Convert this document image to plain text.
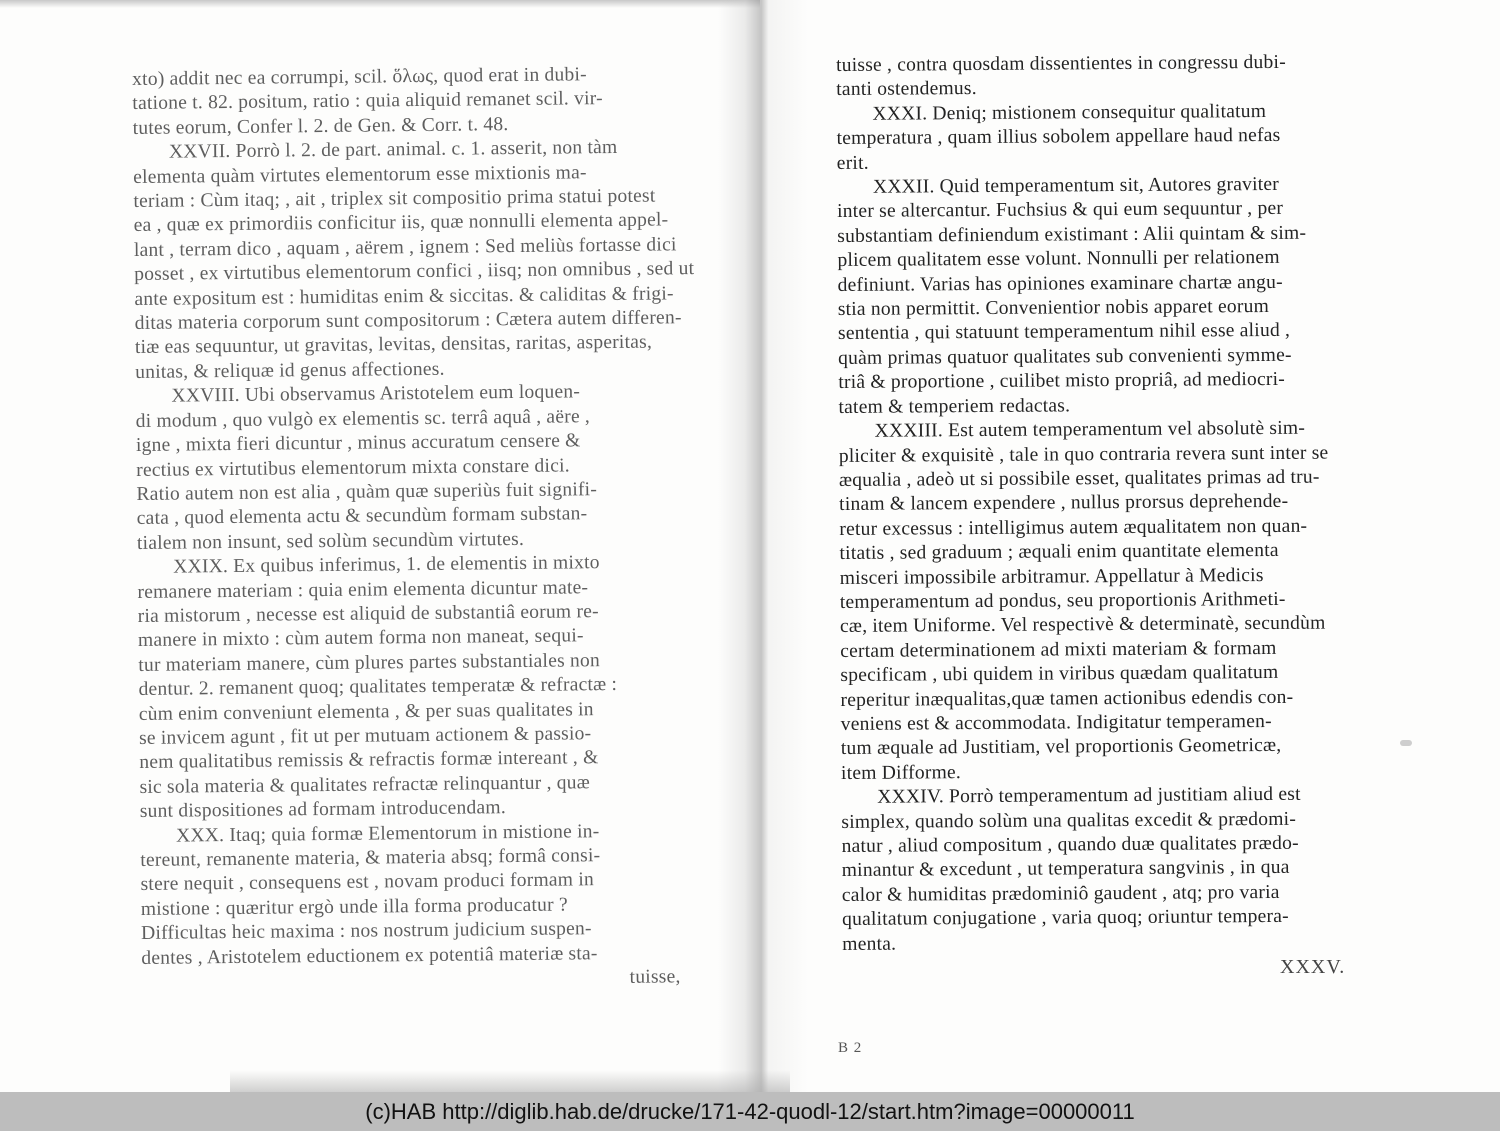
xto) addit nec ea corrumpi, scil. ὅλως, quod erat in dubi-
tatione t. 82. positum, ratio : quia aliquid remanet scil. vir-
tutes eorum, Confer l. 2. de Gen. & Corr. t. 48.
XXVII. Porrò l. 2. de part. animal. c. 1. asserit, non tàm
elementa quàm virtutes elementorum esse mixtionis ma-
teriam : Cùm itaq; , ait , triplex sit compositio prima statui potest
ea , quæ ex primordiis conficitur iis, quæ nonnulli elementa appel-
lant , terram dico , aquam , aërem , ignem : Sed meliùs fortasse dici
posset , ex virtutibus elementorum confici , iisq; non omnibus , sed ut
ante expositum est : humiditas enim & siccitas. & caliditas & frigi-
ditas materia corporum sunt compositorum : Cætera autem differen-
tiæ eas sequuntur, ut gravitas, levitas, densitas, raritas, asperitas,
unitas, & reliquæ id genus affectiones.
XXVIII. Ubi observamus Aristotelem eum loquen-
di modum , quo vulgò ex elementis sc. terrâ aquâ , aëre ,
igne , mixta fieri dicuntur , minus accuratum censere &
rectius ex virtutibus elementorum mixta constare dici.
Ratio autem non est alia , quàm quæ superiùs fuit signifi-
cata , quod elementa actu & secundùm formam substan-
tialem non insunt, sed solùm secundùm virtutes.
XXIX. Ex quibus inferimus, 1. de elementis in mixto
remanere materiam : quia enim elementa dicuntur mate-
ria mistorum , necesse est aliquid de substantiâ eorum re-
manere in mixto : cùm autem forma non maneat, sequi-
tur materiam manere, cùm plures partes substantiales non
dentur. 2. remanent quoq; qualitates temperatæ & refractæ :
cùm enim conveniunt elementa , & per suas qualitates in
se invicem agunt , fit ut per mutuam actionem & passio-
nem qualitatibus remissis & refractis formæ intereant , &
sic sola materia & qualitates refractæ relinquantur , quæ
sunt dispositiones ad formam introducendam.
XXX. Itaq; quia formæ Elementorum in mistione in-
tereunt, remanente materia, & materia absq; formâ consi-
stere nequit , consequens est , novam produci formam in
mistione : quæritur ergò unde illa forma producatur ?
Difficultas heic maxima : nos nostrum judicium suspen-
dentes , Aristotelem eductionem ex potentiâ materiæ sta-
tuisse,
tuisse , contra quosdam dissentientes in congressu dubi-
tanti ostendemus.
XXXI. Deniq; mistionem consequitur qualitatum
temperatura , quam illius sobolem appellare haud nefas
erit.
XXXII. Quid temperamentum sit, Autores graviter
inter se altercantur. Fuchsius & qui eum sequuntur , per
substantiam definiendum existimant : Alii quintam & sim-
plicem qualitatem esse volunt. Nonnulli per relationem
definiunt. Varias has opiniones examinare chartæ angu-
stia non permittit. Convenientior nobis apparet eorum
sententia , qui statuunt temperamentum nihil esse aliud ,
quàm primas quatuor qualitates sub convenienti symme-
triâ & proportione , cuilibet misto propriâ, ad mediocri-
tatem & temperiem redactas.
XXXIII. Est autem temperamentum vel absolutè sim-
pliciter & exquisitè , tale in quo contraria revera sunt inter se
æqualia , adeò ut si possibile esset, qualitates primas ad tru-
tinam & lancem expendere , nullus prorsus deprehende-
retur excessus : intelligimus autem æqualitatem non quan-
titatis , sed graduum ; æquali enim quantitate elementa
misceri impossibile arbitramur. Appellatur à Medicis
temperamentum ad pondus, seu proportionis Arithmeti-
cæ, item Uniforme. Vel respectivè & determinatè, secundùm
certam determinationem ad mixti materiam & formam
specificam , ubi quidem in viribus quædam qualitatum
reperitur inæqualitas,quæ tamen actionibus edendis con-
veniens est & accommodata. Indigitatur temperamen-
tum æquale ad Justitiam, vel proportionis Geometricæ,
item Difforme.
XXXIV. Porrò temperamentum ad justitiam aliud est
simplex, quando solùm una qualitas excedit & prædomi-
natur , aliud compositum , quando duæ qualitates prædo-
minantur & excedunt , ut temperatura sangvinis , in qua
calor & humiditas prædominiô gaudent , atq; pro varia
qualitatum conjugatione , varia quoq; oriuntur tempera-
menta.
XXXV.
B 2
(c)HAB http://diglib.hab.de/drucke/171-42-quodl-12/start.htm?image=00000011
